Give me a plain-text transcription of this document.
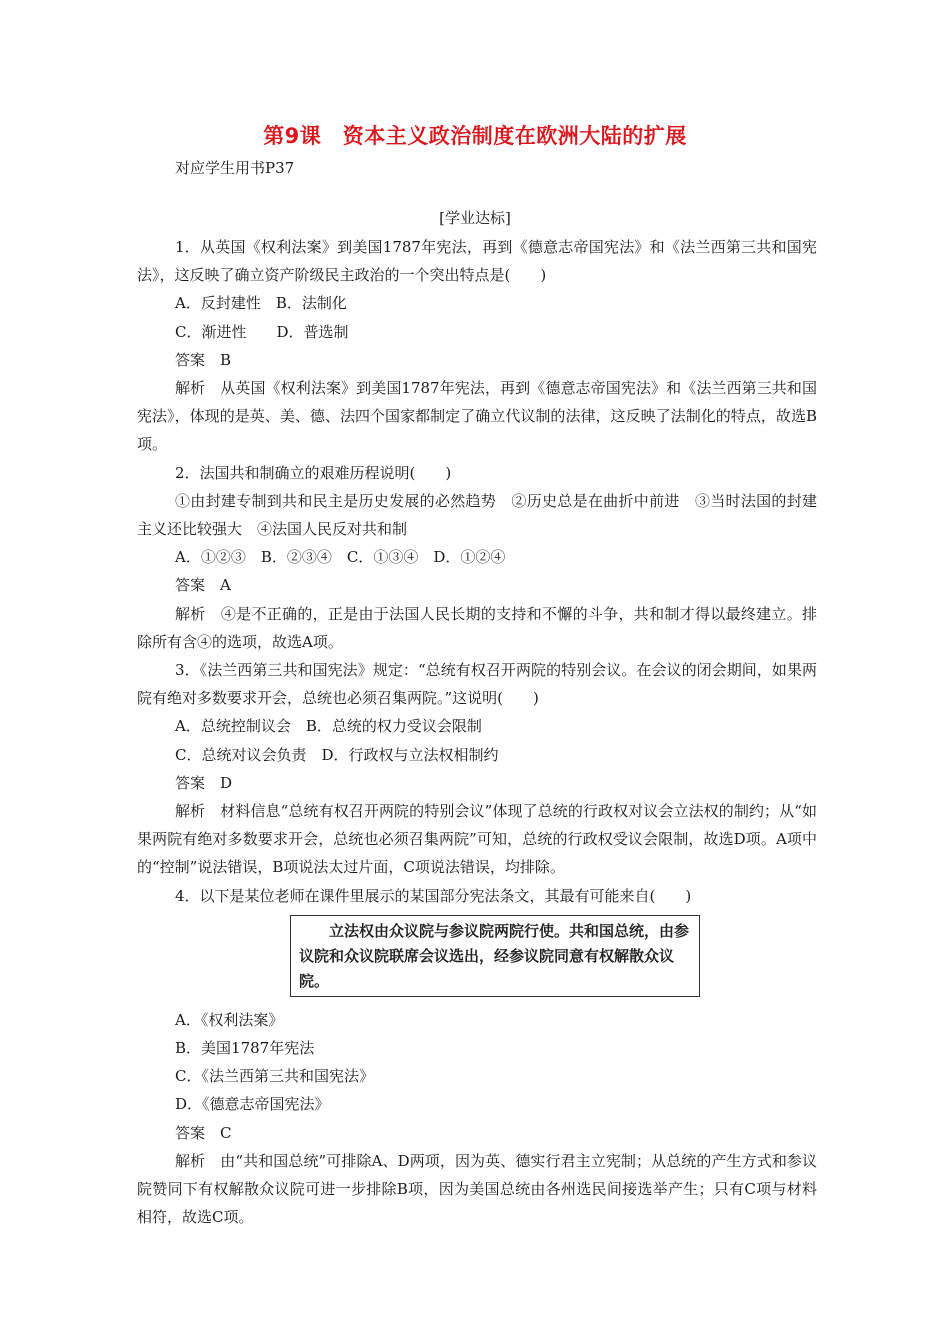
第9课　资本主义政治制度在欧洲大陆的扩展
对应学生用书P37
[学业达标]

1．从英国《权利法案》到美国1787年宪法，再到《德意志帝国宪法》和《法兰西第三共和国宪法》，这反映了确立资产阶级民主政治的一个突出特点是(　　)

A．反封建性　B．法制化

C．渐进性　　D．普选制

答案　B

解析　从英国《权利法案》到美国1787年宪法，再到《德意志帝国宪法》和《法兰西第三共和国宪法》，体现的是英、美、德、法四个国家都制定了确立代议制的法律，这反映了法制化的特点，故选B项。

2．法国共和制确立的艰难历程说明(　　)

①由封建专制到共和民主是历史发展的必然趋势　②历史总是在曲折中前进　③当时法国的封建主义还比较强大　④法国人民反对共和制

A．①②③　B．②③④　C．①③④　D．①②④

答案　A

解析　④是不正确的，正是由于法国人民长期的支持和不懈的斗争，共和制才得以最终建立。排除所有含④的选项，故选A项。

3．《法兰西第三共和国宪法》规定：“总统有权召开两院的特别会议。在会议的闭会期间，如果两院有绝对多数要求开会，总统也必须召集两院。”这说明(　　)

A．总统控制议会　B．总统的权力受议会限制

C．总统对议会负责　D．行政权与立法权相制约

答案　D

解析　材料信息“总统有权召开两院的特别会议”体现了总统的行政权对议会立法权的制约；从“如果两院有绝对多数要求开会，总统也必须召集两院”可知，总统的行政权受议会限制，故选D项。A项中的“控制”说法错误，B项说法太过片面，C项说法错误，均排除。

4．以下是某位老师在课件里展示的某国部分宪法条文，其最有可能来自(　　)

立法权由众议院与参议院两院行使。共和国总统，由参议院和众议院联席会议选出，经参议院同意有权解散众议院。

A．《权利法案》

B．美国1787年宪法

C．《法兰西第三共和国宪法》

D．《德意志帝国宪法》

答案　C

解析　由“共和国总统”可排除A、D两项，因为英、德实行君主立宪制；从总统的产生方式和参议院赞同下有权解散众议院可进一步排除B项，因为美国总统由各州选民间接选举产生；只有C项与材料相符，故选C项。
